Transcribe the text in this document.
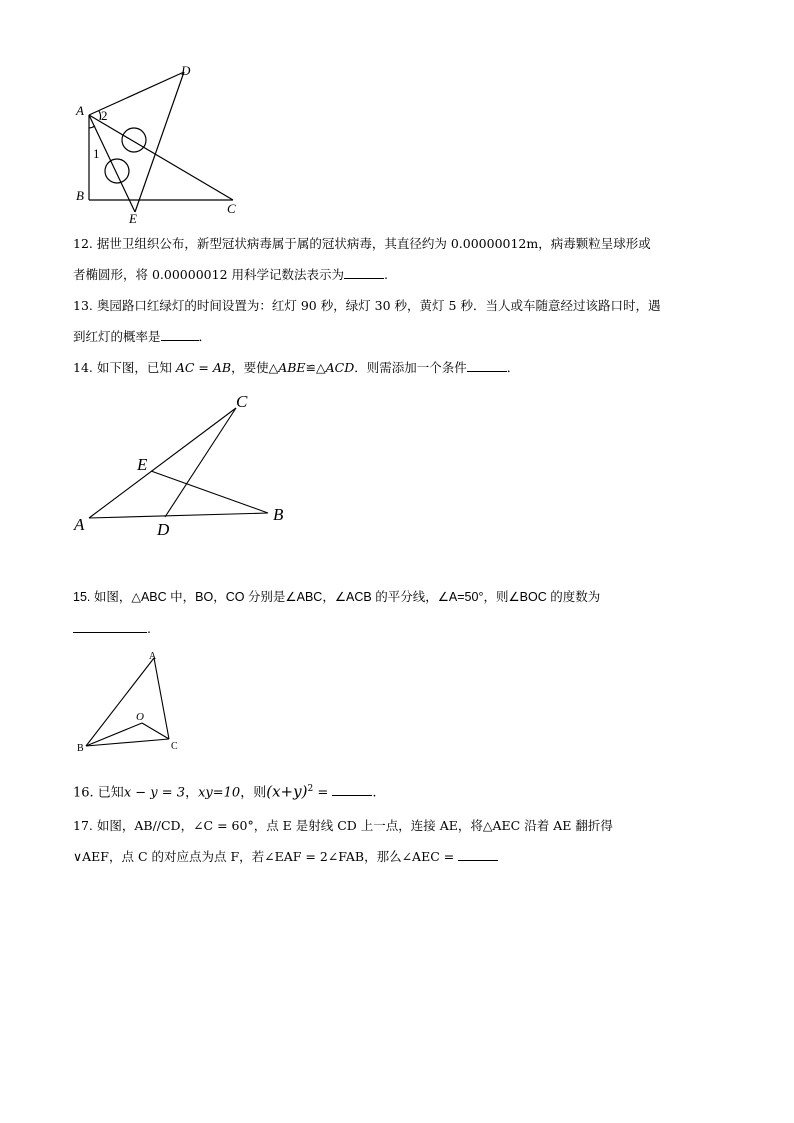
A 2
1
B
D
E
C
12. 据世卫组织公布，新型冠状病毒属于属的冠状病毒，其直径约为 0.00000012m，病毒颗粒呈球形或
者椭圆形，将 0.00000012 用科学记数法表示为	.
13. 奥园路口红绿灯的时间设置为：红灯 90 秒，绿灯 30 秒，黄灯 5 秒．当人或车随意经过该路口时，遇
到红灯的概率是	．
14. 如下图，已知 AC = AB，要使△ABE≌△ACD．则需添加一个条件	．
A
B
C
D
E
15. 如图，△ABC 中，BO，CO 分别是∠ABC，∠ACB 的平分线，∠A=50°，则∠BOC 的度数为
.
A
B	C
O
16. 已知x − y = 3，xy=10，则$(x+y)^2$ =	.
17. 如图，AB//CD，∠C = 60°，点 E 是射线 CD 上一点，连接 AE，将△AEC 沿着 AE 翻折得
∨AEF，点 C 的对应点为点 F，若∠EAF = 2∠FAB，那么∠AEC =
